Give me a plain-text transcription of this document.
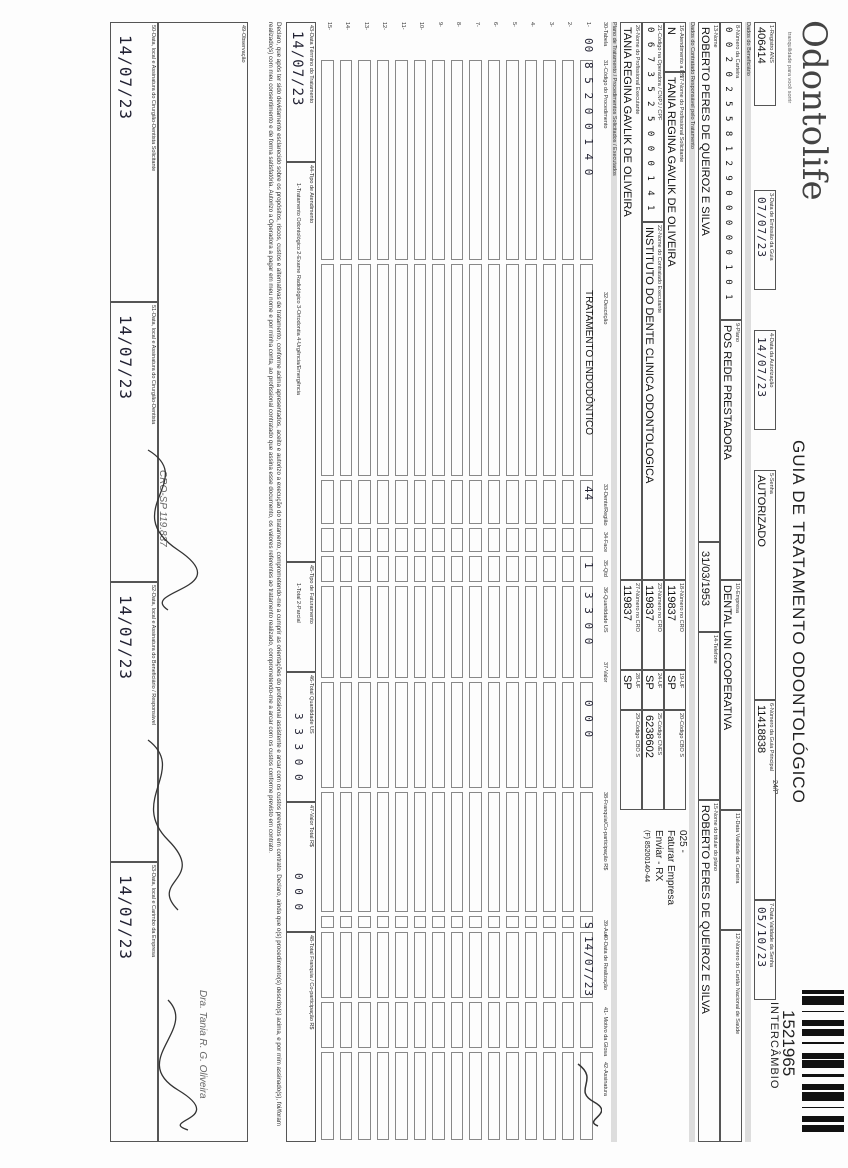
Odontolife
tranquilidade para você sorrir
GUIA DE TRATAMENTO ODONTOLÓGICO
24/P
1521965
INTERCÂMBIO
1-Registro ANS
406414
3-Data de Emissão da Guia
07/07/23
4-Data da Autorização
14/07/23
5-Senha
AUTORIZADO
6-Número da Guia Principal
11418838
7-Data Validade da Senha
05/10/23
Dados do Beneficiário
8-Número da Carteira
0 0 2 0 2 5 5 8 1 2 9 0 0 0 0 0 1 0 1
9-Plano
POS REDE PRESTADORA
10-Empresa
DENTAL UNI COOPERATIVA
11-Data Validade da Carteira
12-Número do Cartão Nacional de Saúde
13-Nome
ROBERTO PERES DE QUEIROZ E SILVA
31/03/1953
14-Telefone
15-Nome do titular do plano
ROBERTO PERES DE QUEIROZ E SILVA
Dados do Contratado Responsável pelo Tratamento
16-Atendimento a RN
N
17-Nome do Profissional Solicitante
TANIA REGINA GAVLIK DE OLIVEIRA
18-Número no CRO
119837
19-UF
SP
20-Código CBO S
21-Código na Operadora / CNPJ / CPF
0 6 7 3 5 2 5 0 0 0 1 4 1
22-Nome do Contratado Executante
INSTITUTO DO DENTE CLINICA ODONTOLOGICA
23-Número no CRO
119837
24-UF
SP
25-Código CNES
6238602
26-Nome do Profissional Executante
TANIA REGINA GAVLIK DE OLIVEIRA
27-Número no CRO
119837
28-UF
SP
29-Código CBO S
025 -
Faturar Empresa
Enviar - RX
(F) 85200140-44
Plano de Tratamento / Procedimentos Solicitados / Executados
30-Tabela
31-Código do Procedimento
32-Descrição
33-Dente/Região
34-Face
35-Qtd
36-Quantidade US
37-Valor
38-Franquia/Co-participação R$
39-Aut
40-Data de Realização
41- Motivo da Glosa
42-Assinatura
1-
2-
3-
4-
5-
6-
7-
8-
9-
10-
11-
12-
13-
14-
15-
00
8 5 2 0 0 1 4 0
TRATAMENTO ENDODÔNTICO
44
1
3 3 0 0
0 0 0
S
14/07/23
43-Data Término do Tratamento
14/07/23
44-Tipo de Atendimento
1-Tratamento Odontológico 2-Exame Radiológico 3-Ortodontia 4-Urgência/Emergência
45-Tipo de Faturamento
1-Total 2-Parcial
46-Total Quantidade US
3 3 3 0 0
47-Valor Total R$
0 0 0
48-Total Franquia / Co-participação R$
Declaro, que após ter sido devidamente esclarecido sobre os propósitos, riscos, custos e alternativas de tratamento, conforme acima apresentados, aceito e autorizo a execução do tratamento, comprometendo-me a cumprir as orientações do profissional assistente e arcar com os custos previstos em contrato. Declaro, ainda que o(s) procedimento(s) descrito(s) acima, e por mim assinado(s), foi/foram realizado(s) com meu consentimento e de forma satisfatória. Autorizo a Operadora a pagar em meu nome e por minha conta, ao profissional contratado que assina esse documento, os valores referentes ao tratamento realizado, comprometendo-me a arcar com os custos conforme previsto em contrato.
49-Observação
50-Data, local e Assinatura do Cirurgião-Dentista Solicitante
14/07/23
51-Data, local e Assinatura do Cirurgião-Dentista
14/07/23
52-Data, local e Assinatura do Beneficiário / Responsável
14/07/23
53-Data, local e Carimbo da Empresa
14/07/23
CRO-SP 119.837
Dra. Tania R. G. Oliveira
